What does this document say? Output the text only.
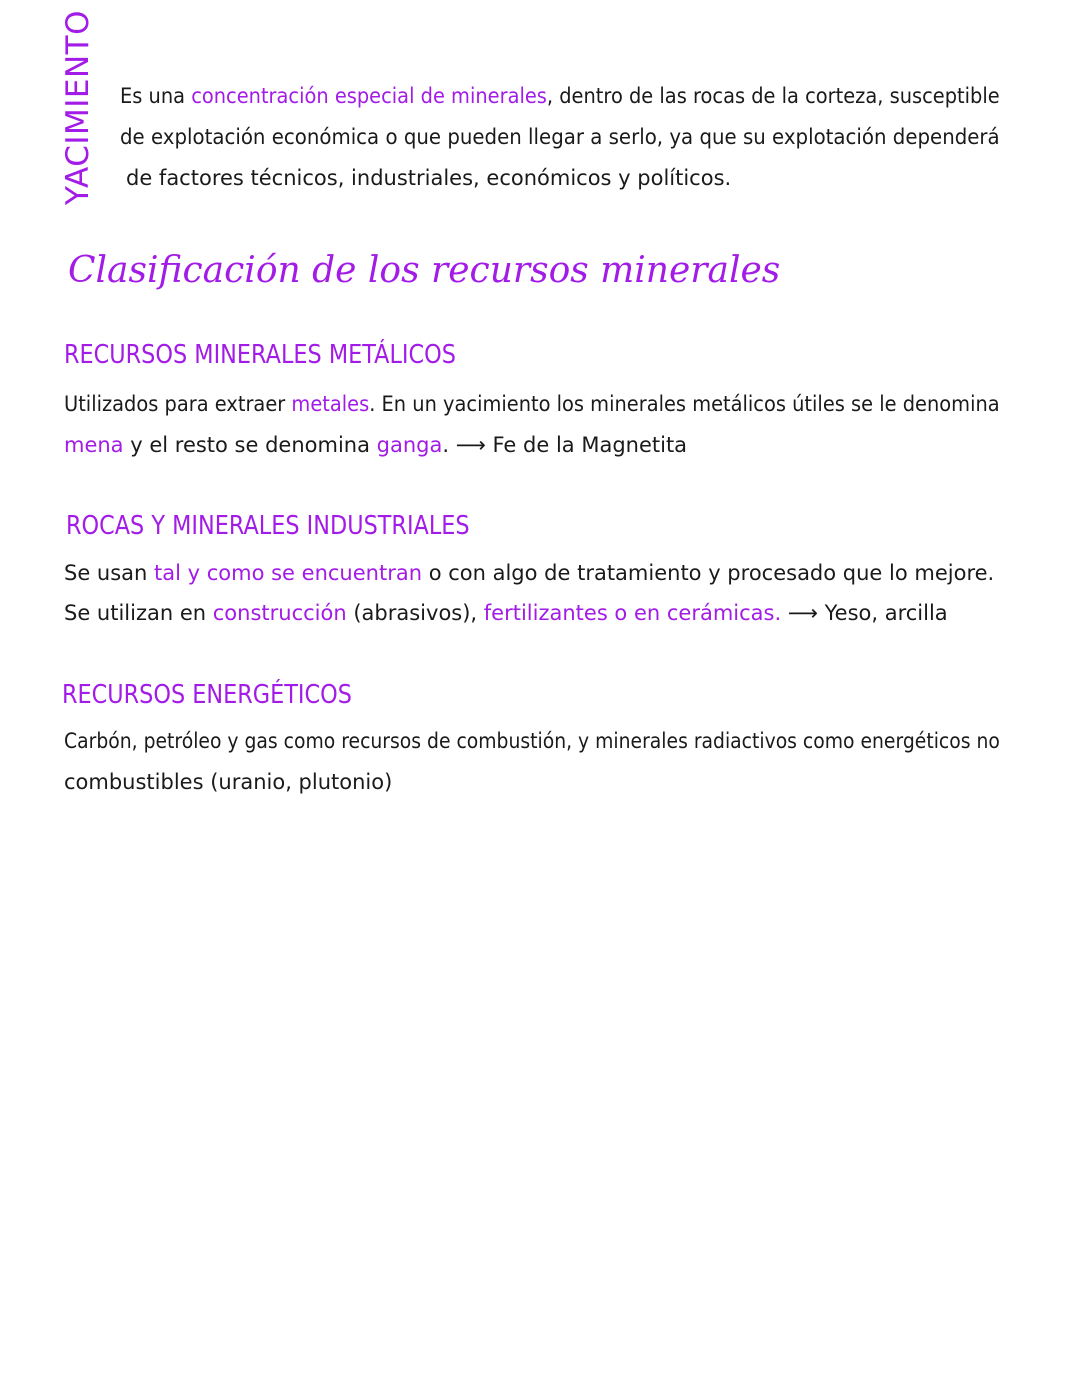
YACIMIENTO Es una concentración especial de minerales, dentro de las rocas de la corteza, susceptible
de explotación económica o que pueden llegar a serlo, ya que su explotación dependerá
de factores técnicos, industriales, económicos y políticos.
Clasificación de los recursos minerales
RECURSOS MINERALES METÁLICOS
Utilizados para extraer metales. En un yacimiento los minerales metálicos útiles se le denomina
mena y el resto se denomina ganga. ⟶ Fe de la Magnetita
ROCAS Y MINERALES INDUSTRIALES
Se usan tal y como se encuentran o con algo de tratamiento y procesado que lo mejore.
Se utilizan en construcción (abrasivos), fertilizantes o en cerámicas. ⟶ Yeso, arcilla
RECURSOS ENERGÉTICOS
Carbón, petróleo y gas como recursos de combustión, y minerales radiactivos como energéticos no
combustibles (uranio, plutonio)
